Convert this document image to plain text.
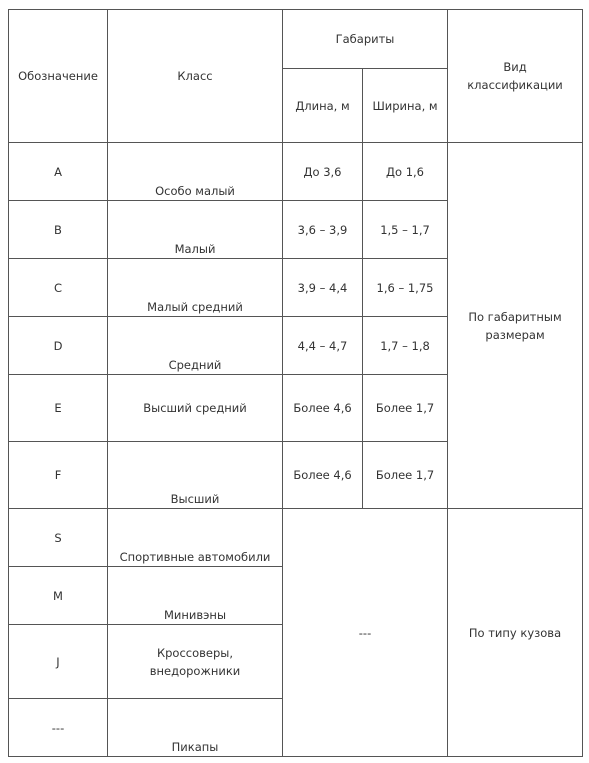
Обозначение	Класс	Габариты		Вид классификации
		Длина, м	Ширина, м	
A	Особо малый	До 3,6	До 1,6	По габаритным размерам
B	Малый	3,6 – 3,9	1,5 – 1,7	
C	Малый средний	3,9 – 4,4	1,6 – 1,75	
D	Средний	4,4 – 4,7	1,7 – 1,8	
E	Высший средний	Более 4,6	Более 1,7	
F	Высший	Более 4,6	Более 1,7	
S	Спортивные автомобили	---		По типу кузова
M	Минивэны			
J	Кроссоверы, внедорожники			
---	Пикапы			
